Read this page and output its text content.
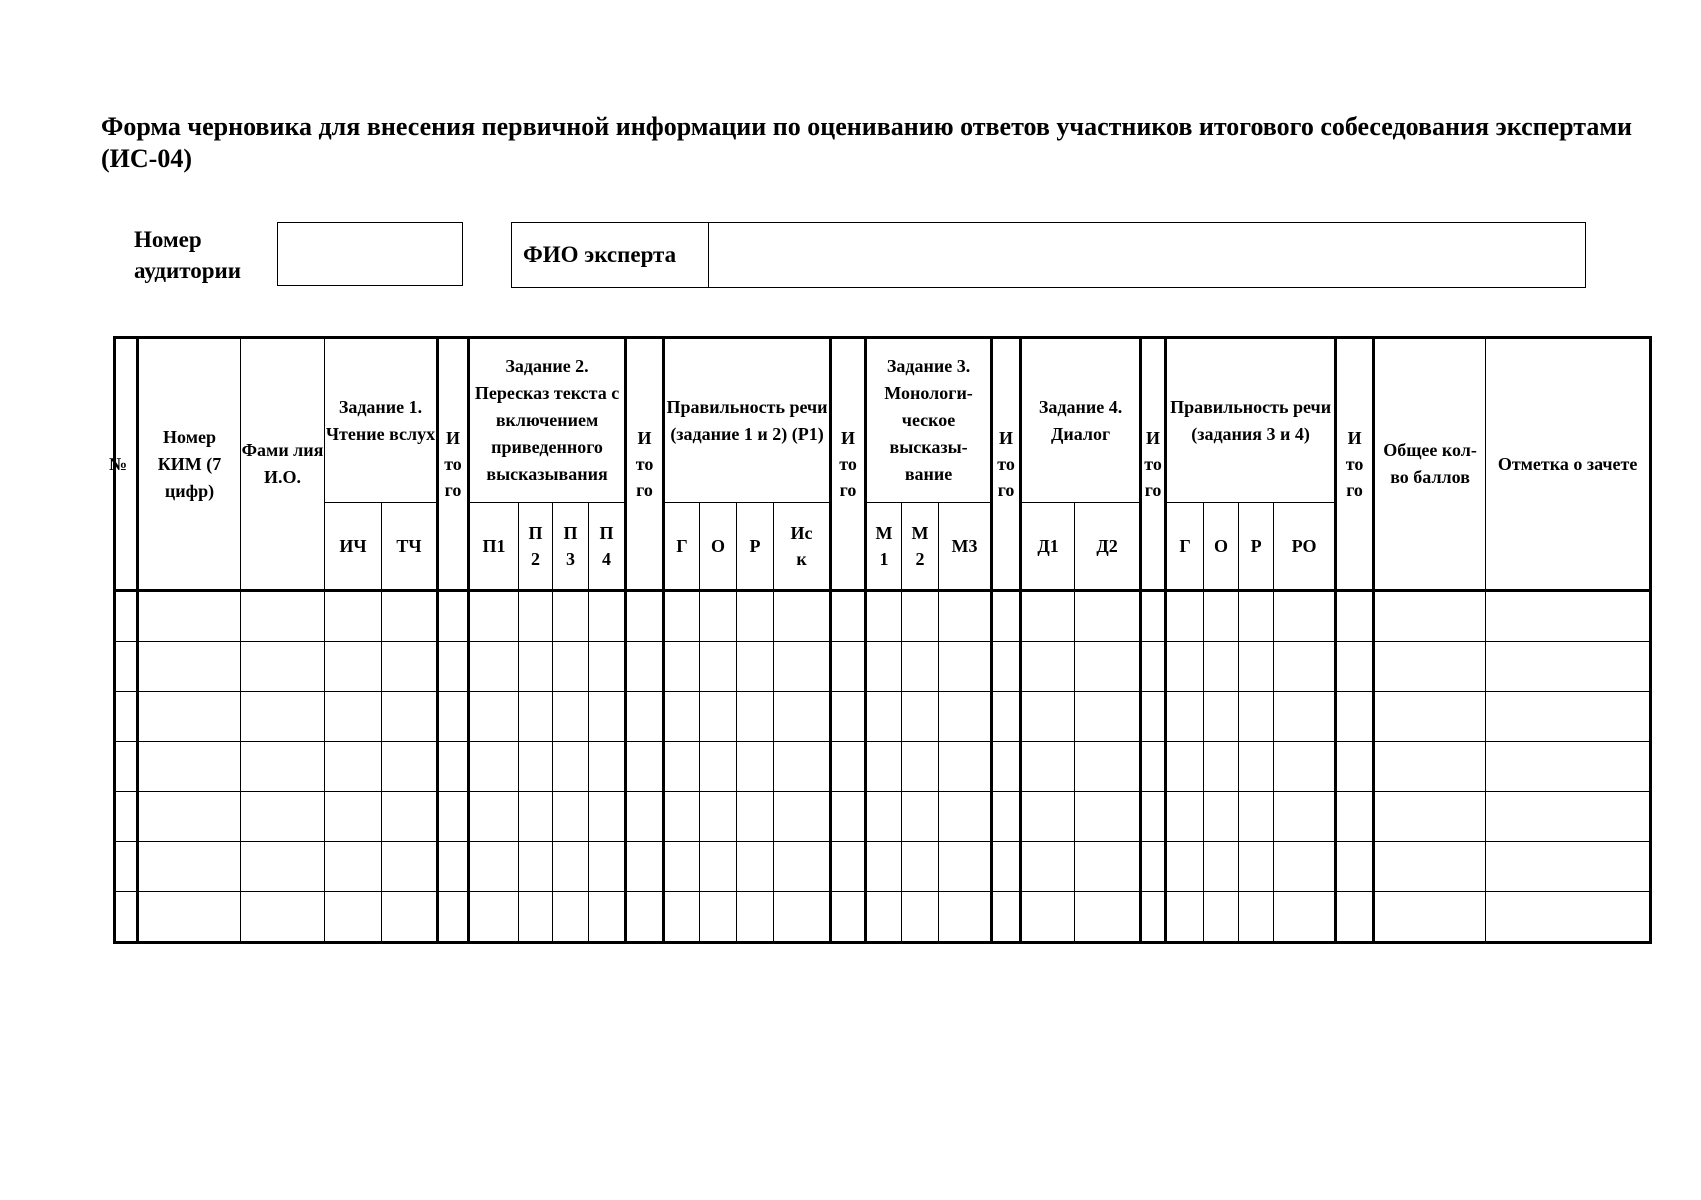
Форма черновика для внесения первичной информации по оцениванию ответов участников итогового собеседования экспертами (ИС-04)
Номер
аудитории
ФИО эксперта
№	Номер КИМ (7 цифр)	Фами лия И.О.	Задание 1. Чтение вслух		Итого	Задание 2. Пересказ текста с включением приведенного высказывания				Итого	Правильность речи (задание 1 и 2) (Р1)				Итого	Задание 3. Монологи-ческое высказы-вание			Итого	Задание 4. Диалог		Итого	Правильность речи (задания 3 и 4)				Итого	Общее кол-во баллов	Отметка о зачете
			ИЧ	ТЧ		П1	П 2	П 3	П 4		Г	О	Р	Ис к		М 1	М 2	М3		Д1	Д2		Г	О	Р	РО			
